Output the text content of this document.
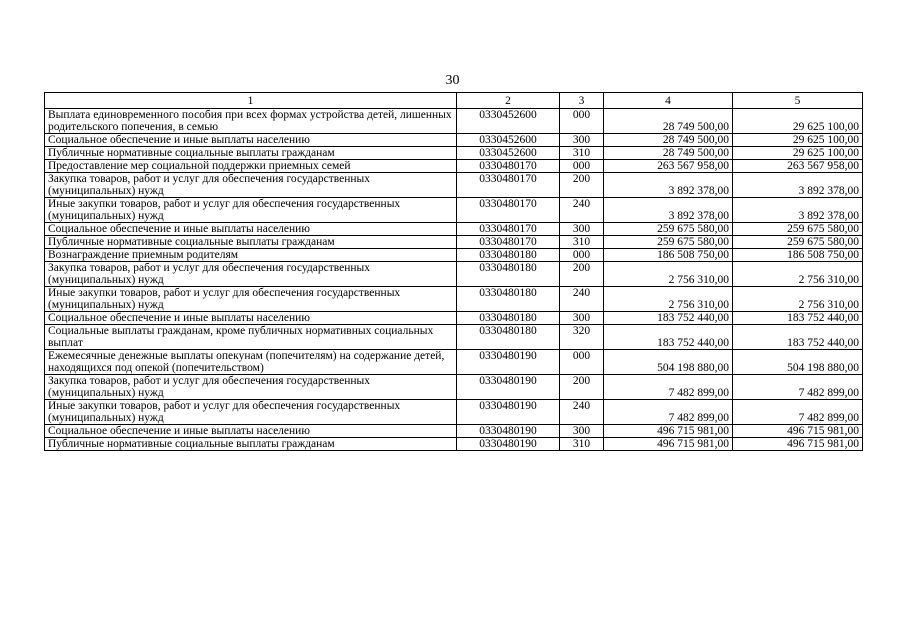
30
1	2	3	4	5
Выплата единовременного пособия при всех формах устройства детей, лишенных родительского попечения, в семью	0330452600	000	28 749 500,00	29 625 100,00
Социальное обеспечение и иные выплаты населению	0330452600	300	28 749 500,00	29 625 100,00
Публичные нормативные социальные выплаты гражданам	0330452600	310	28 749 500,00	29 625 100,00
Предоставление мер социальной поддержки приемных семей	0330480170	000	263 567 958,00	263 567 958,00
Закупка товаров, работ и услуг для обеспечения государственных (муниципальных) нужд	0330480170	200	3 892 378,00	3 892 378,00
Иные закупки товаров, работ и услуг для обеспечения государственных (муниципальных) нужд	0330480170	240	3 892 378,00	3 892 378,00
Социальное обеспечение и иные выплаты населению	0330480170	300	259 675 580,00	259 675 580,00
Публичные нормативные социальные выплаты гражданам	0330480170	310	259 675 580,00	259 675 580,00
Вознаграждение приемным родителям	0330480180	000	186 508 750,00	186 508 750,00
Закупка товаров, работ и услуг для обеспечения государственных (муниципальных) нужд	0330480180	200	2 756 310,00	2 756 310,00
Иные закупки товаров, работ и услуг для обеспечения государственных (муниципальных) нужд	0330480180	240	2 756 310,00	2 756 310,00
Социальное обеспечение и иные выплаты населению	0330480180	300	183 752 440,00	183 752 440,00
Социальные выплаты гражданам, кроме публичных нормативных социальных выплат	0330480180	320	183 752 440,00	183 752 440,00
Ежемесячные денежные выплаты опекунам (попечителям) на содержание детей, находящихся под опекой (попечительством)	0330480190	000	504 198 880,00	504 198 880,00
Закупка товаров, работ и услуг для обеспечения государственных (муниципальных) нужд	0330480190	200	7 482 899,00	7 482 899,00
Иные закупки товаров, работ и услуг для обеспечения государственных (муниципальных) нужд	0330480190	240	7 482 899,00	7 482 899,00
Социальное обеспечение и иные выплаты населению	0330480190	300	496 715 981,00	496 715 981,00
Публичные нормативные социальные выплаты гражданам	0330480190	310	496 715 981,00	496 715 981,00
